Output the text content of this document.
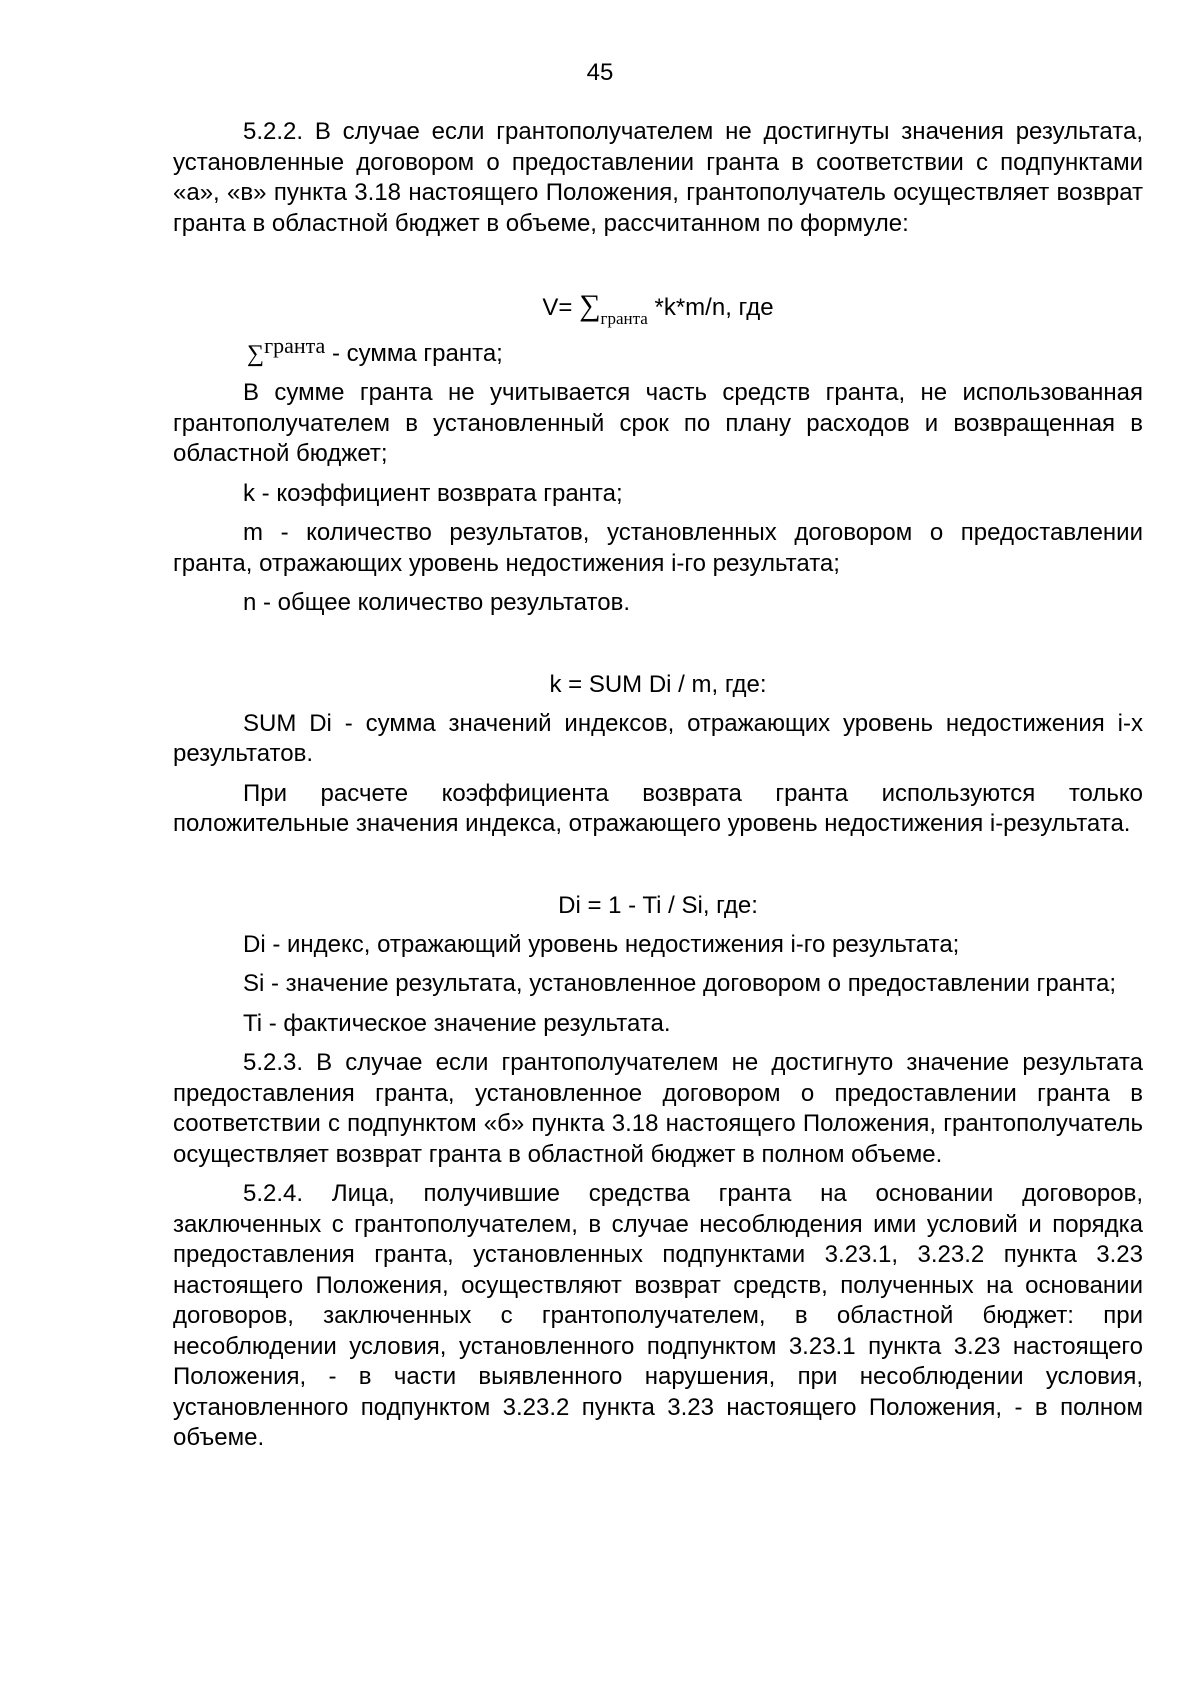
45

5.2.2. В случае если грантополучателем не достигнуты значения результата, установленные договором о предоставлении гранта в соответствии с подпунктами «а», «в» пункта 3.18 настоящего Положения, грантополучатель осуществляет возврат гранта в областной бюджет в объеме, рассчитанном по формуле:

$V= \sum_{гранта}$ *k*m/n, где

∑гранта - сумма гранта;

В сумме гранта не учитывается часть средств гранта, не использованная грантополучателем в установленный срок по плану расходов и возвращенная в областной бюджет;

k - коэффициент возврата гранта;

m - количество результатов, установленных договором о предоставлении гранта, отражающих уровень недостижения i-го результата;

n - общее количество результатов.

k = SUM Di / m, где:

SUM Di - сумма значений индексов, отражающих уровень недостижения i-х результатов.

При расчете коэффициента возврата гранта используются только положительные значения индекса, отражающего уровень недостижения i-результата.

Di = 1 - Ti / Si, где:

Di - индекс, отражающий уровень недостижения i-го результата;

Si - значение результата, установленное договором о предоставлении гранта;

Ti - фактическое значение результата.

5.2.3. В случае если грантополучателем не достигнуто значение результата предоставления гранта, установленное договором о предоставлении гранта в соответствии с подпунктом «б» пункта 3.18 настоящего Положения, грантополучатель осуществляет возврат гранта в областной бюджет в полном объеме.

5.2.4. Лица, получившие средства гранта на основании договоров, заключенных с грантополучателем, в случае несоблюдения ими условий и порядка предоставления гранта, установленных подпунктами 3.23.1, 3.23.2 пункта 3.23 настоящего Положения, осуществляют возврат средств, полученных на основании договоров, заключенных с грантополучателем, в областной бюджет: при несоблюдении условия, установленного подпунктом 3.23.1 пункта 3.23 настоящего Положения, - в части выявленного нарушения, при несоблюдении условия, установленного подпунктом 3.23.2 пункта 3.23 настоящего Положения, - в полном объеме.
